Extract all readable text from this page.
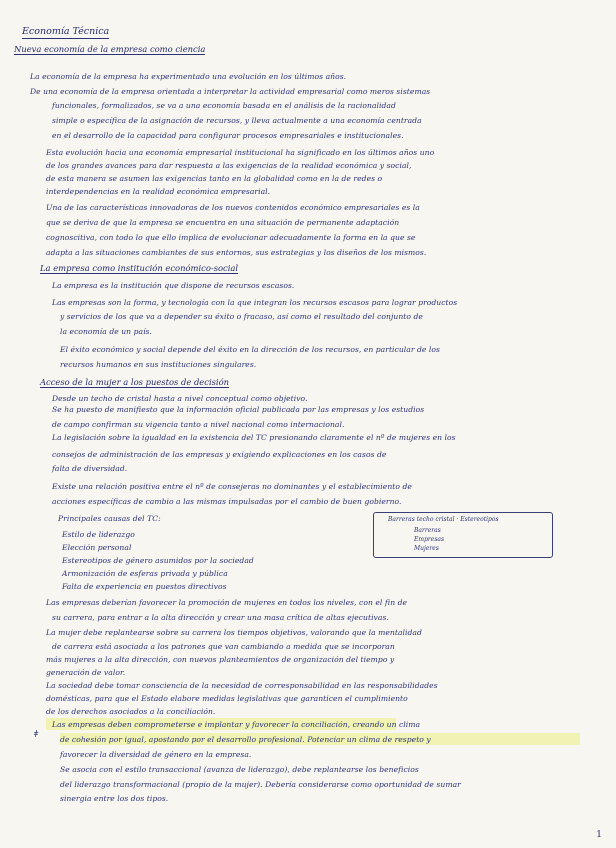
Economía Técnica
Nueva economía de la empresa como ciencia
La economía de la empresa ha experimentado una evolución en los últimos años.
De una economía de la empresa orientada a interpretar la actividad empresarial como meros sistemas
funcionales, formalizados, se va a una economía basada en el análisis de la racionalidad
simple o específica de la asignación de recursos, y lleva actualmente a una economía centrada
en el desarrollo de la capacidad para configurar procesos empresariales e institucionales.
Esta evolución hacia una economía empresarial institucional ha significado en los últimos años uno
de los grandes avances para dar respuesta a las exigencias de la realidad económica y social,
de esta manera se asumen las exigencias tanto en la globalidad como en la de redes o
interdependencias en la realidad económica empresarial.
Una de las características innovadoras de los nuevos contenidos económico empresariales es la
que se deriva de que la empresa se encuentra en una situación de permanente adaptación
cognoscitiva, con todo lo que ello implica de evolucionar adecuadamente la forma en la que se
adapta a las situaciones cambiantes de sus entornos, sus estrategias y los diseños de los mismos.
La empresa como institución económico-social
La empresa es la institución que dispone de recursos escasos.
Las empresas son la forma, y tecnología con la que integran los recursos escasos para lograr productos
y servicios de los que va a depender su éxito o fracaso, así como el resultado del conjunto de
la economía de un país.
El éxito económico y social depende del éxito en la dirección de los recursos, en particular de los
recursos humanos en sus instituciones singulares.
Acceso de la mujer a los puestos de decisión
Desde un techo de cristal hasta a nivel conceptual como objetivo.
Se ha puesto de manifiesto que la información oficial publicada por las empresas y los estudios
de campo confirman su vigencia tanto a nivel nacional como internacional.
La legislación sobre la igualdad en la existencia del TC presionando claramente el nº de mujeres en los
consejos de administración de las empresas y exigiendo explicaciones en los casos de
falta de diversidad.
Existe una relación positiva entre el nº de consejeras no dominantes y el establecimiento de
acciones específicas de cambio a las mismas impulsadas por el cambio de buen gobierno.
Principales causas del TC:
Estilo de liderazgo
Elección personal
Estereotipos de género asumidos por la sociedad
Armonización de esferas privada y pública
Falta de experiencia en puestos directivos
Barreras techo cristal · Estereotipos
Barreras
Empresas
Mujeres
Las empresas deberían favorecer la promoción de mujeres en todos los niveles, con el fin de
su carrera, para entrar a la alta dirección y crear una masa crítica de altas ejecutivas.
La mujer debe replantearse sobre su carrera los tiempos objetivos, valorando que la mentalidad
de carrera está asociada a los patrones que van cambiando a medida que se incorporan
más mujeres a la alta dirección, con nuevos planteamientos de organización del tiempo y
generación de valor.
La sociedad debe tomar consciencia de la necesidad de corresponsabilidad en las responsabilidades
domésticas, para que el Estado elabore medidas legislativas que garanticen el cumplimiento
de los derechos asociados a la conciliación.
ǂ
Las empresas deben comprometerse e implantar y favorecer la conciliación, creando un clima
de cohesión por igual, apostando por el desarrollo profesional. Potenciar un clima de respeto y
favorecer la diversidad de género en la empresa.
Se asocia con el estilo transaccional (avanza de liderazgo), debe replantearse los beneficios
del liderazgo transformacional (propio de la mujer). Debería considerarse como oportunidad de sumar
sinergia entre los dos tipos.
1
